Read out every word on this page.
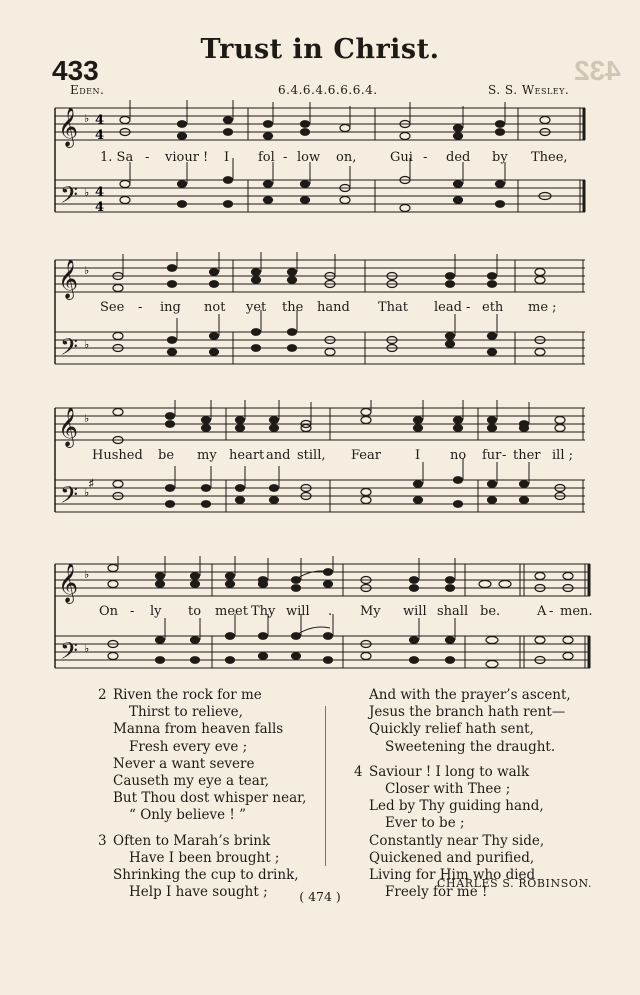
Trust in Christ.
433	432
Eden.	6.4.6.4.6.6.6.4.	S. S. Wesley.
𝄞
𝄢
♭
♭
4
4
4
4
1. Sa - viour ! I fol - low on,	Gui - ded by Thee,
𝄞
𝄢
♭
♭
See - ing not yet the hand That lead - eth me ;
𝄞
𝄢
♭
♭
♯
Hushed be my heart and still, Fear	I no fur - ther ill ;
𝄞
𝄢
♭
♭
On - ly to meet Thy will . My will shall be.	A - men.
2 Riven the rock for me
Thirst to relieve,
Manna from heaven falls
Fresh every eve ;
Never a want severe
Causeth my eye a tear,
But Thou dost whisper near,
“ Only believe ! ”
3 Often to Marah’s brink
Have I been brought ;
Shrinking the cup to drink,
Help I have sought ;
And with the prayer’s ascent,
Jesus the branch hath rent—
Quickly relief hath sent,
Sweetening the draught.
4 Saviour ! I long to walk
Closer with Thee ;
Led by Thy guiding hand,
Ever to be ;
Constantly near Thy side,
Quickened and purified,
Living for Him who died
Freely for me !
CHARLES S. ROBINSON.
( 474 )
